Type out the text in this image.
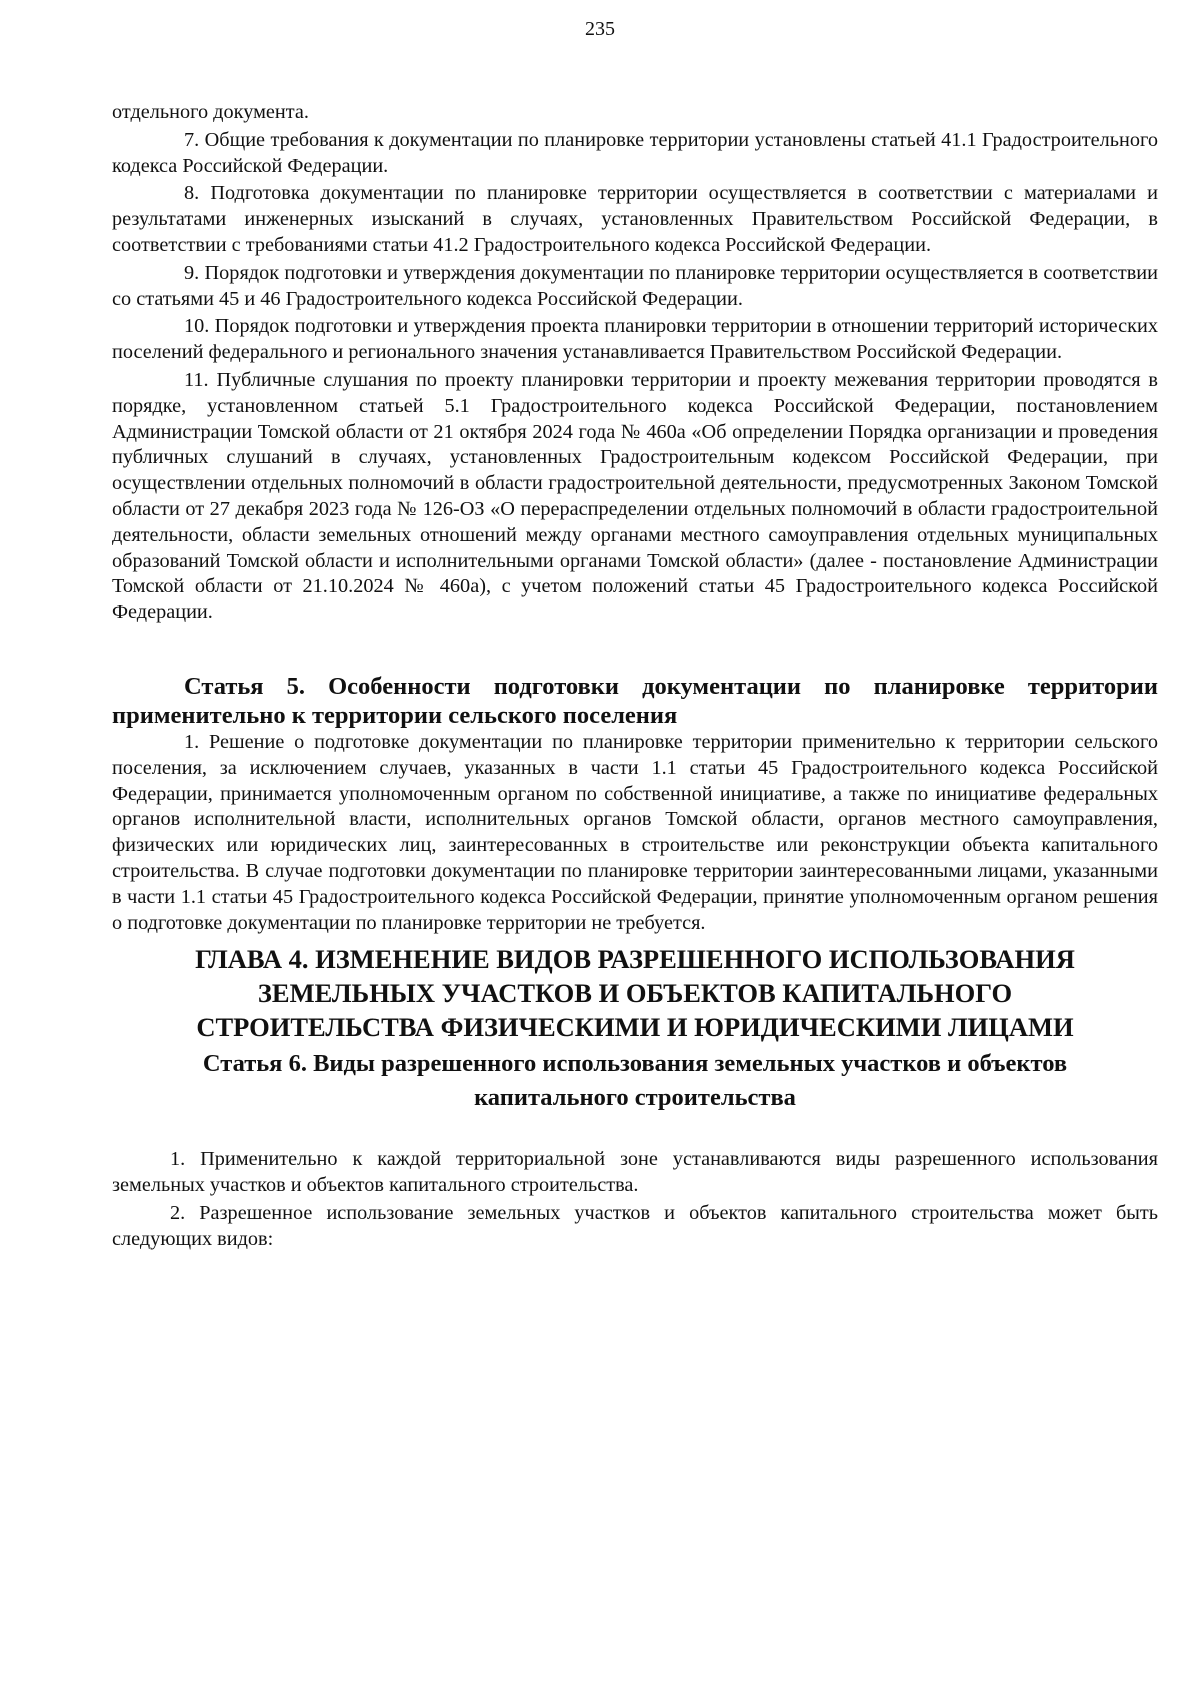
235

отдельного документа.

7. Общие требования к документации по планировке территории установлены статьей 41.1 Градостроительного кодекса Российской Федерации.

8. Подготовка документации по планировке территории осуществляется в соответствии с материалами и результатами инженерных изысканий в случаях, установленных Правительством Российской Федерации, в соответствии с требованиями статьи 41.2 Градостроительного кодекса Российской Федерации.

9. Порядок подготовки и утверждения документации по планировке территории осуществляется в соответствии со статьями 45 и 46 Градостроительного кодекса Российской Федерации.

10. Порядок подготовки и утверждения проекта планировки территории в отношении территорий исторических поселений федерального и регионального значения устанавливается Правительством Российской Федерации.

11. Публичные слушания по проекту планировки территории и проекту межевания территории проводятся в порядке, установленном статьей 5.1 Градостроительного кодекса Российской Федерации, постановлением Администрации Томской области от 21 октября 2024 года № 460а «Об определении Порядка организации и проведения публичных слушаний в случаях, установленных Градостроительным кодексом Российской Федерации, при осуществлении отдельных полномочий в области градостроительной деятельности, предусмотренных Законом Томской области от 27 декабря 2023 года № 126-ОЗ «О перераспределении отдельных полномочий в области градостроительной деятельности, области земельных отношений между органами местного самоуправления отдельных муниципальных образований Томской области и исполнительными органами Томской области» (далее - постановление Администрации Томской области от 21.10.2024 № 460а), с учетом положений статьи 45 Градостроительного кодекса Российской Федерации.

Статья 5. Особенности подготовки документации по планировке территории применительно к территории сельского поселения

1. Решение о подготовке документации по планировке территории применительно к территории сельского поселения, за исключением случаев, указанных в части 1.1 статьи 45 Градостроительного кодекса Российской Федерации, принимается уполномоченным органом по собственной инициативе, а также по инициативе федеральных органов исполнительной власти, исполнительных органов Томской области, органов местного самоуправления, физических или юридических лиц, заинтересованных в строительстве или реконструкции объекта капитального строительства. В случае подготовки документации по планировке территории заинтересованными лицами, указанными в части 1.1 статьи 45 Градостроительного кодекса Российской Федерации, принятие уполномоченным органом решения о подготовке документации по планировке территории не требуется.

ГЛАВА 4. ИЗМЕНЕНИЕ ВИДОВ РАЗРЕШЕННОГО ИСПОЛЬЗОВАНИЯ
ЗЕМЕЛЬНЫХ УЧАСТКОВ И ОБЪЕКТОВ КАПИТАЛЬНОГО
СТРОИТЕЛЬСТВА ФИЗИЧЕСКИМИ И ЮРИДИЧЕСКИМИ ЛИЦАМИ
Статья 6. Виды разрешенного использования земельных участков и объектов
капитального строительства

1. Применительно к каждой территориальной зоне устанавливаются виды разрешенного использования земельных участков и объектов капитального строительства.

2. Разрешенное использование земельных участков и объектов капитального строительства может быть следующих видов:
